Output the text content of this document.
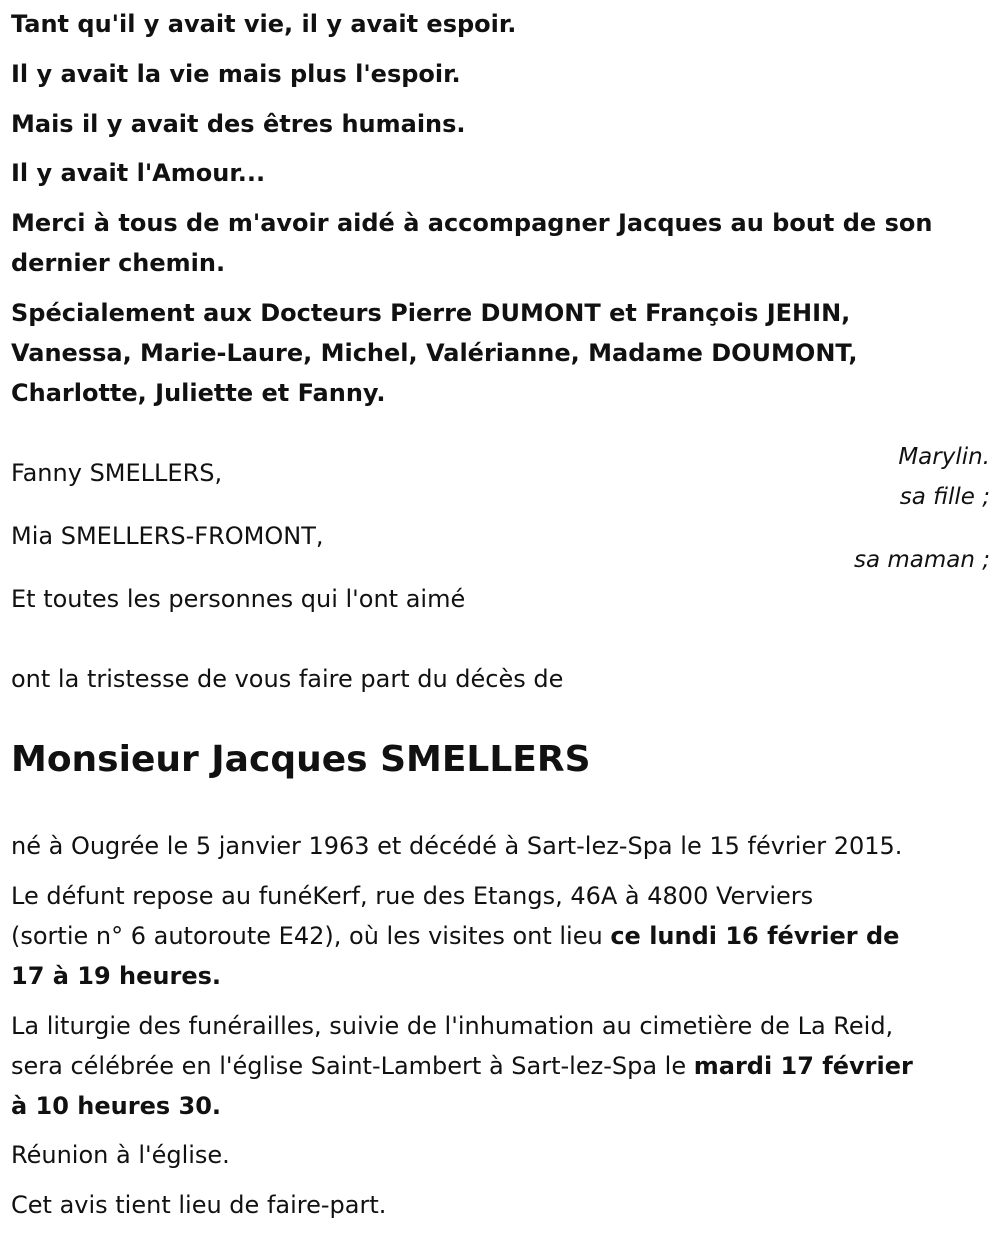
Tant qu'il y avait vie, il y avait espoir.
Il y avait la vie mais plus l'espoir.
Mais il y avait des êtres humains.
Il y avait l'Amour...
Merci à tous de m'avoir aidé à accompagner Jacques au bout de son
dernier chemin.
Spécialement aux Docteurs Pierre DUMONT et François JEHIN,
Vanessa, Marie-Laure, Michel, Valérianne, Madame DOUMONT,
Charlotte, Juliette et Fanny.
Marylin.
Fanny SMELLERS,
sa fille ;
Mia SMELLERS-FROMONT,
sa maman ;
Et toutes les personnes qui l'ont aimé
ont la tristesse de vous faire part du décès de
Monsieur Jacques SMELLERS
né à Ougrée le 5 janvier 1963 et décédé à Sart-lez-Spa le 15 février 2015.
Le défunt repose au funéKerf, rue des Etangs, 46A à 4800 Verviers
(sortie n° 6 autoroute E42), où les visites ont lieu ce lundi 16 février de
17 à 19 heures.
La liturgie des funérailles, suivie de l'inhumation au cimetière de La Reid,
sera célébrée en l'église Saint-Lambert à Sart-lez-Spa le mardi 17 février
à 10 heures 30.
Réunion à l'église.
Cet avis tient lieu de faire-part.
